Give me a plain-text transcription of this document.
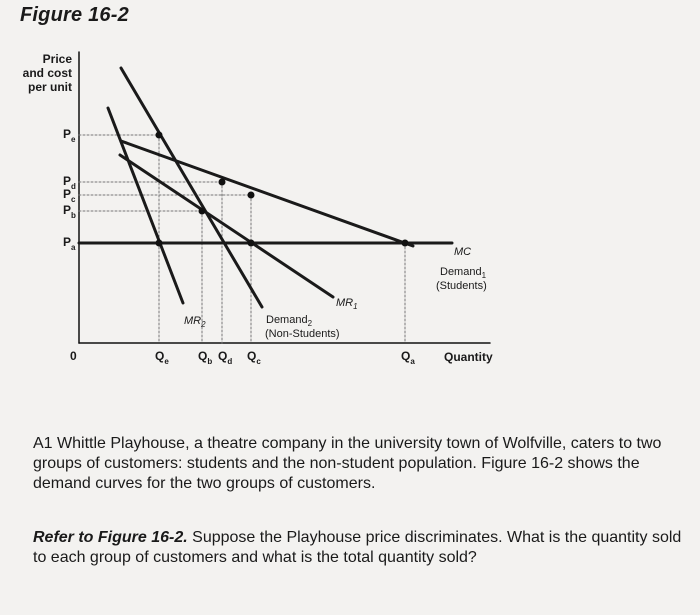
Figure 16-2
Price
and cost
per unit
$P_e$
$P_d$
$P_c$
$P_b$
$P_a$
$Q_e$ $Q_b$ $Q_d$ $Q_c$	$Q_a$
0	Quantity
MC
Demand$_1$
(Students)
$MR_1$
$MR_2$	Demand$_2$
(Non-Students)
A1 Whittle Playhouse, a theatre company in the university town of Wolfville, caters to two groups of customers: students and the non-student population. Figure 16-2 shows the demand curves for the two groups of customers.
Refer to Figure 16-2. Suppose the Playhouse price discriminates. What is the quantity sold to each group of customers and what is the total quantity sold?
